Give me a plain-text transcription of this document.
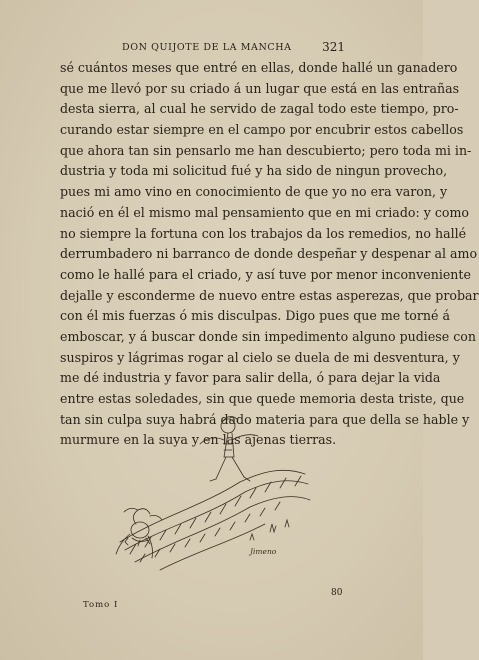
DON QUIJOTE DE LA MANCHA	321
sé cuántos meses que entré en ellas, donde hallé un ganadero
que me llevó por su criado á un lugar que está en las entrañas
desta sierra, al cual he servido de zagal todo este tiempo, pro-
curando estar siempre en el campo por encubrir estos cabellos
que ahora tan sin pensarlo me han descubierto; pero toda mi in-
dustria y toda mi solicitud fué y ha sido de ningun provecho,
pues mi amo vino en conocimiento de que yo no era varon, y
nació en él el mismo mal pensamiento que en mi criado: y como
no siempre la fortuna con los trabajos da los remedios, no hallé
derrumbadero ni barranco de donde despeñar y despenar al amo
como le hallé para el criado, y así tuve por menor inconveniente
dejalle y esconderme de nuevo entre estas asperezas, que probar
con él mis fuerzas ó mis disculpas. Digo pues que me torné á
emboscar, y á buscar donde sin impedimento alguno pudiese con
suspiros y lágrimas rogar al cielo se duela de mi desventura, y
me dé industria y favor para salir della, ó para dejar la vida
entre estas soledades, sin que quede memoria desta triste, que
tan sin culpa suya habrá dado materia para que della se hable y
murmure en la suya y en las ajenas tierras.
Jimeno
Tomo I
80
